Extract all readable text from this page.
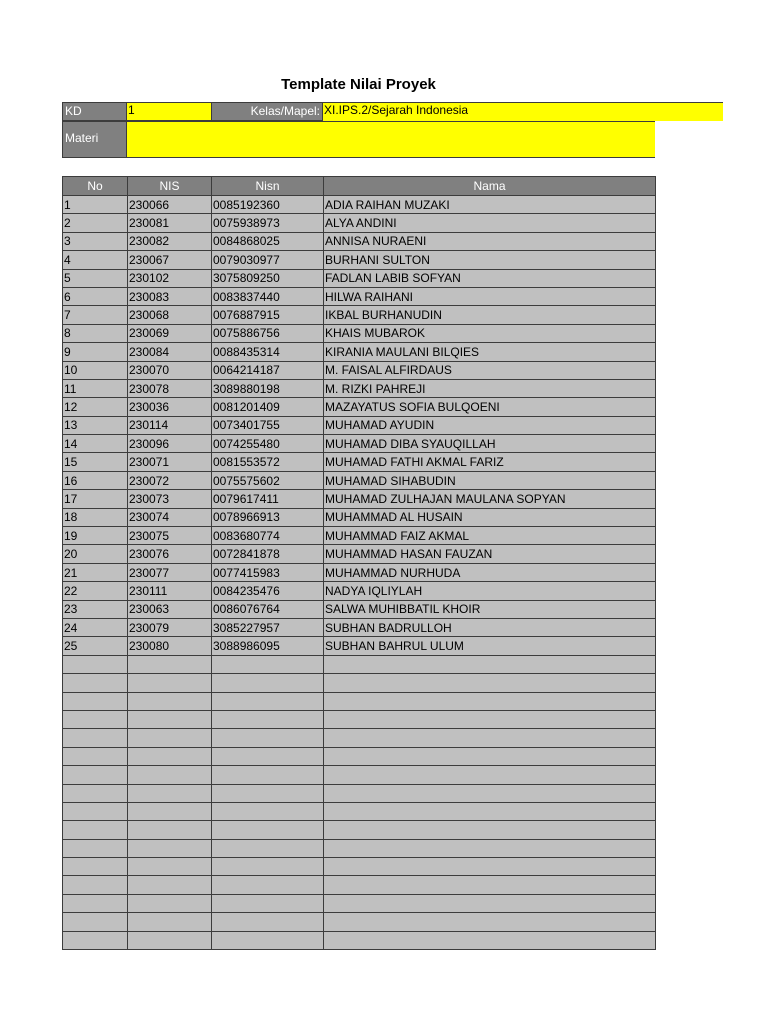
Template Nilai Proyek
KD	1	Kelas/Mapel: XI.IPS.2/Sejarah Indonesia
Materi
No	NIS	Nisn	Nama
1	230066	0085192360	ADIA RAIHAN MUZAKI
2	230081	0075938973	ALYA ANDINI
3	230082	0084868025	ANNISA NURAENI
4	230067	0079030977	BURHANI SULTON
5	230102	3075809250	FADLAN LABIB SOFYAN
6	230083	0083837440	HILWA RAIHANI
7	230068	0076887915	IKBAL BURHANUDIN
8	230069	0075886756	KHAIS MUBAROK
9	230084	0088435314	KIRANIA MAULANI BILQIES
10	230070	0064214187	M. FAISAL ALFIRDAUS
11	230078	3089880198	M. RIZKI PAHREJI
12	230036	0081201409	MAZAYATUS SOFIA BULQOENI
13	230114	0073401755	MUHAMAD AYUDIN
14	230096	0074255480	MUHAMAD DIBA SYAUQILLAH
15	230071	0081553572	MUHAMAD FATHI AKMAL FARIZ
16	230072	0075575602	MUHAMAD SIHABUDIN
17	230073	0079617411	MUHAMAD ZULHAJAN MAULANA SOPYAN
18	230074	0078966913	MUHAMMAD AL HUSAIN
19	230075	0083680774	MUHAMMAD FAIZ AKMAL
20	230076	0072841878	MUHAMMAD HASAN FAUZAN
21	230077	0077415983	MUHAMMAD NURHUDA
22	230111	0084235476	NADYA IQLIYLAH
23	230063	0086076764	SALWA MUHIBBATIL KHOIR
24	230079	3085227957	SUBHAN BADRULLOH
25	230080	3088986095	SUBHAN BAHRUL ULUM
